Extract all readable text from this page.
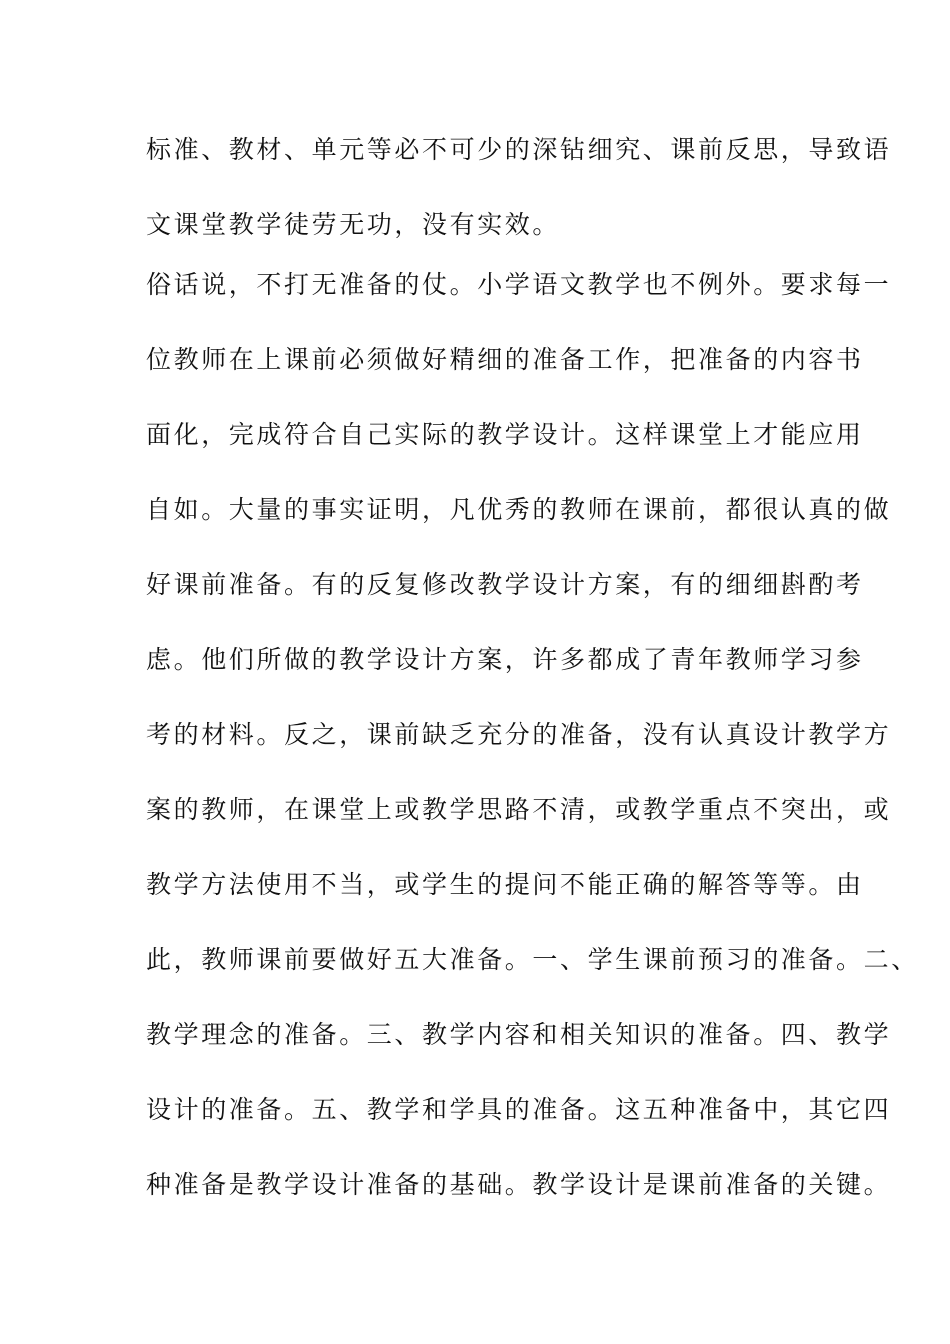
标准、教材、单元等必不可少的深钻细究、课前反思，导致语
文课堂教学徒劳无功，没有实效。
俗话说，不打无准备的仗。小学语文教学也不例外。要求每一
位教师在上课前必须做好精细的准备工作，把准备的内容书
面化，完成符合自己实际的教学设计。这样课堂上才能应用
自如。大量的事实证明，凡优秀的教师在课前，都很认真的做
好课前准备。有的反复修改教学设计方案，有的细细斟酌考
虑。他们所做的教学设计方案，许多都成了青年教师学习参
考的材料。反之，课前缺乏充分的准备，没有认真设计教学方
案的教师，在课堂上或教学思路不清，或教学重点不突出，或
教学方法使用不当，或学生的提问不能正确的解答等等。由
此，教师课前要做好五大准备。一、学生课前预习的准备。二、
教学理念的准备。三、教学内容和相关知识的准备。四、教学
设计的准备。五、教学和学具的准备。这五种准备中，其它四
种准备是教学设计准备的基础。教学设计是课前准备的关键。
